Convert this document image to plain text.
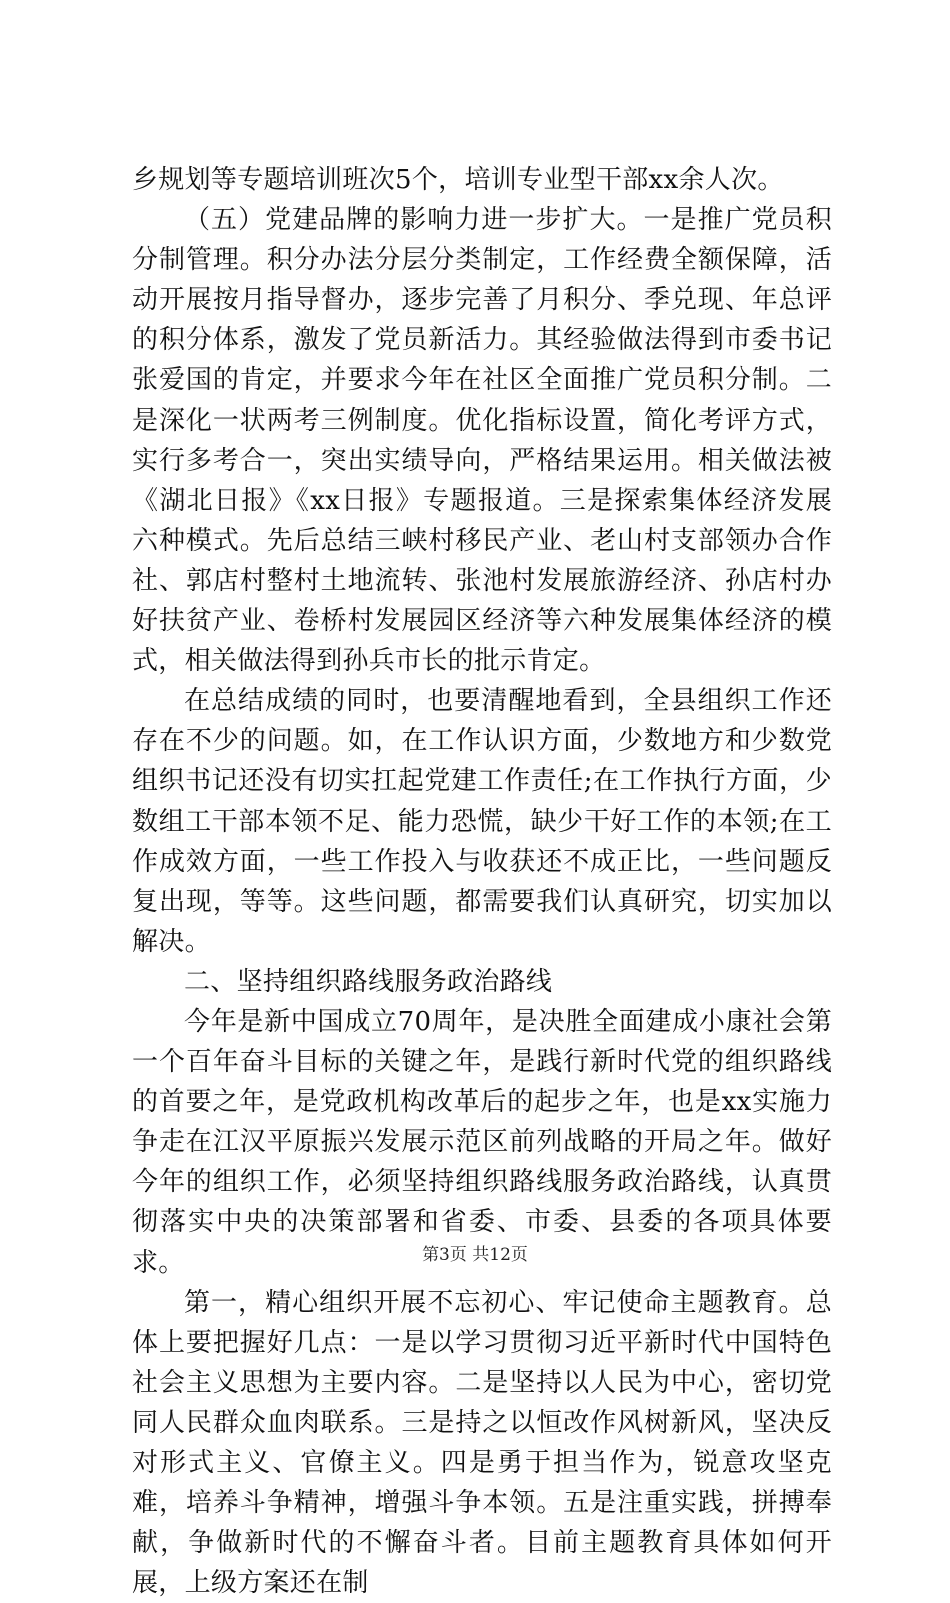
乡规划等专题培训班次5个，培训专业型干部xx余人次。

（五）党建品牌的影响力进一步扩大。一是推广党员积分制管理。积分办法分层分类制定，工作经费全额保障，活动开展按月指导督办，逐步完善了月积分、季兑现、年总评的积分体系，激发了党员新活力。其经验做法得到市委书记张爱国的肯定，并要求今年在社区全面推广党员积分制。二是深化一状两考三例制度。优化指标设置，简化考评方式，实行多考合一，突出实绩导向，严格结果运用。相关做法被《湖北日报》《xx日报》专题报道。三是探索集体经济发展六种模式。先后总结三峡村移民产业、老山村支部领办合作社、郭店村整村土地流转、张池村发展旅游经济、孙店村办好扶贫产业、卷桥村发展园区经济等六种发展集体经济的模式，相关做法得到孙兵市长的批示肯定。

在总结成绩的同时，也要清醒地看到，全县组织工作还存在不少的问题。如，在工作认识方面，少数地方和少数党组织书记还没有切实扛起党建工作责任;在工作执行方面，少数组工干部本领不足、能力恐慌，缺少干好工作的本领;在工作成效方面，一些工作投入与收获还不成正比，一些问题反复出现，等等。这些问题，都需要我们认真研究，切实加以解决。

二、坚持组织路线服务政治路线

今年是新中国成立70周年，是决胜全面建成小康社会第一个百年奋斗目标的关键之年，是践行新时代党的组织路线的首要之年，是党政机构改革后的起步之年，也是xx实施力争走在江汉平原振兴发展示范区前列战略的开局之年。做好今年的组织工作，必须坚持组织路线服务政治路线，认真贯彻落实中央的决策部署和省委、市委、县委的各项具体要求。

第一，精心组织开展不忘初心、牢记使命主题教育。总体上要把握好几点：一是以学习贯彻习近平新时代中国特色社会主义思想为主要内容。二是坚持以人民为中心，密切党同人民群众血肉联系。三是持之以恒改作风树新风，坚决反对形式主义、官僚主义。四是勇于担当作为，锐意攻坚克难，培养斗争精神，增强斗争本领。五是注重实践，拼搏奉献，争做新时代的不懈奋斗者。目前主题教育具体如何开展，上级方案还在制

第3页 共12页
